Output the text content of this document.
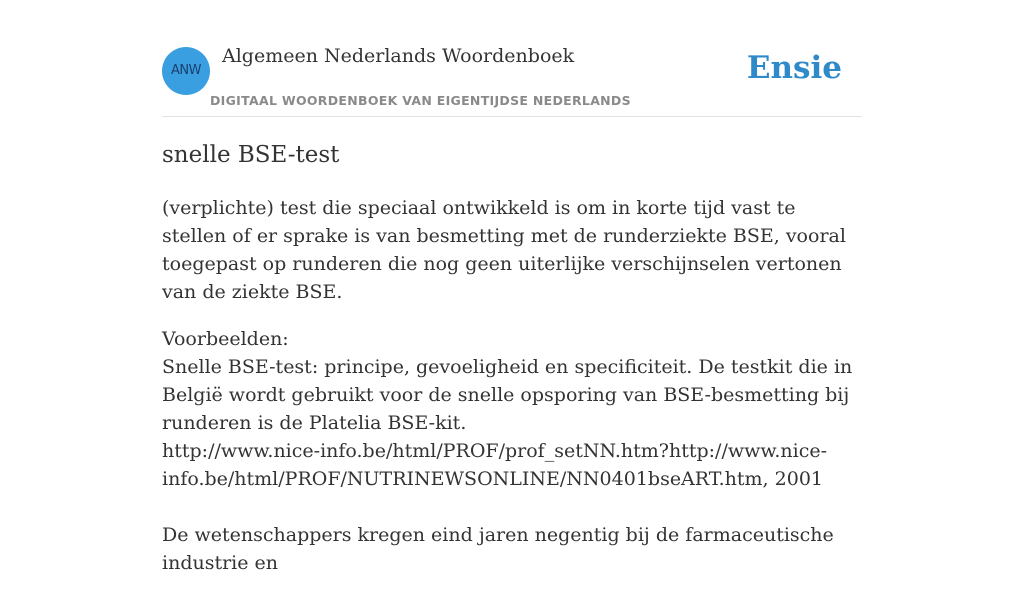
ANW
Algemeen Nederlands Woordenboek
DIGITAAL WOORDENBOEK VAN EIGENTIJDSE NEDERLANDS
Ensie
snelle BSE-test

(verplichte) test die speciaal ontwikkeld is om in korte tijd vast te stellen of er sprake is van besmetting met de runderziekte BSE, vooral toegepast op runderen die nog geen uiterlijke verschijnselen vertonen van de ziekte BSE.

Voorbeelden:
Snelle BSE-test: principe, gevoeligheid en specificiteit. De testkit die in België wordt gebruikt voor de snelle opsporing van BSE-besmetting bij runderen is de Platelia BSE-kit.
http://www.nice-info.be/html/PROF/prof_setNN.htm?http://www.nice-info.be/html/PROF/NUTRINEWSONLINE/NN0401bseART.htm, 2001
De wetenschappers kregen eind jaren negentig bij de farmaceutische industrie en
